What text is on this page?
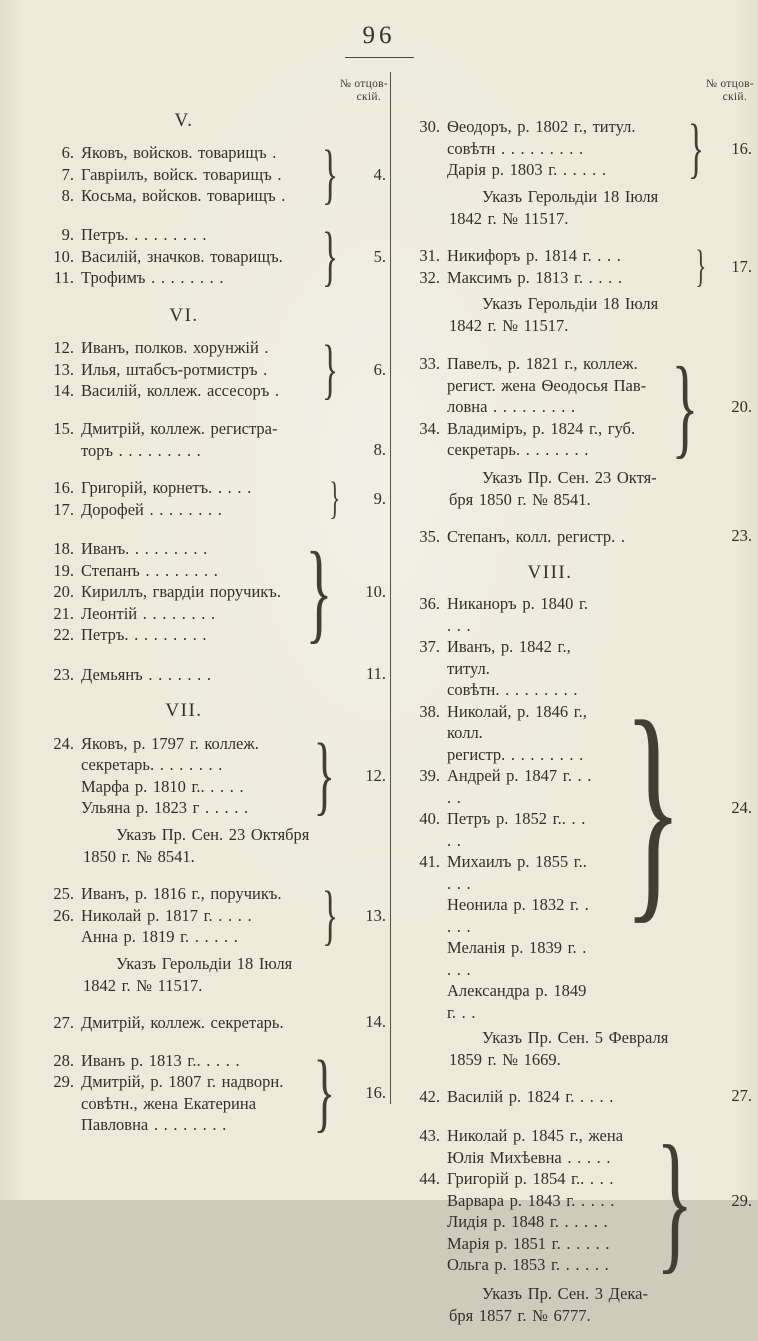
96
№ отцов-
скій.
V.
6. Яковъ, войсков. товарищъ .
7. Гавріилъ, войск. товарищъ .
8. Косьма, войсков. товарищъ . }	4.
9. Петръ. . . . . . . . .
10. Василій, значков. товарищъ.
11. Трофимъ . . . . . . . .	}	5.
VI.
12. Иванъ, полков. хорунжій .
13. Илья, штабсъ-ротмистръ .
14. Василій, коллеж. ассесоръ . }	6.
15. Дмитрій, коллеж. регистра-
торъ . . . . . . . . .	8.
16. Григорій, корнетъ. . . . .
17. Дорофей . . . . . . . .	}	9.
18. Иванъ. . . . . . . . .
19. Степанъ . . . . . . . .
20. Кириллъ, гвардіи поручикъ.
21. Леонтій . . . . . . . .
22. Петръ. . . . . . . . . }	10.
23. Демьянъ . . . . . . .	11.
VII.
24. Яковъ, р. 1797 г. коллеж.
секретарь. . . . . . . .
Марфа р. 1810 г.. . . . .
Ульяна р. 1823 г . . . . . }	12.
Указъ Пр. Сен. 23 Октября
1850 г. № 8541.
25. Иванъ, р. 1816 г., поручикъ.
26. Николай р. 1817 г. . . . .
Анна р. 1819 г. . . . . .	}	13.
Указъ Герольдіи 18 Іюля
1842 г. № 11517.
27. Дмитрій, коллеж. секретарь.	14.
28. Иванъ р. 1813 г.. . . . .
29. Дмитрій, р. 1807 г. надворн.
совѣтн., жена Екатерина
Павловна . . . . . . . . }	16.
№ отцов-
скій.
30. Ѳеодоръ, р. 1802 г., титул.
совѣтн . . . . . . . . .
Дарія р. 1803 г. . . . . .	}	16.
Указъ Герольдіи 18 Іюля
1842 г. № 11517.
31. Никифоръ р. 1814 г. . . .
32. Максимъ р. 1813 г. . . . .	}	17.
Указъ Герольдіи 18 Іюля
1842 г. № 11517.
33. Павелъ, р. 1821 г., коллеж.
регист. жена Ѳеодосья Пав-
ловна . . . . . . . . .
34. Владиміръ, р. 1824 г., губ.
секретарь. . . . . . . . }	20.
Указъ Пр. Сен. 23 Октя-
бря 1850 г. № 8541.
35. Степанъ, колл. регистр. .	23.
VIII.
36. Никаноръ р. 1840 г. . . .
37. Иванъ, р. 1842 г., титул.
совѣтн. . . . . . . . .
38. Николай, р. 1846 г., колл.
регистр. . . . . . . . .
39. Андрей р. 1847 г. . . . .
40. Петръ р. 1852 г.. . . . .
41. Михаилъ р. 1855 г.. . . .
Неонила р. 1832 г. . . . .
Меланія р. 1839 г. . . . .
Александра р. 1849 г. . .
}	24.
Указъ Пр. Сен. 5 Февраля
1859 г. № 1669.
42. Василій р. 1824 г. . . . .	27.
43. Николай р. 1845 г., жена
Юлія Михѣевна . . . . .
44. Григорій р. 1854 г.. . . .
Варвара р. 1843 г. . . . .
Лидія р. 1848 г. . . . . .
Марія р. 1851 г. . . . . .
Ольга р. 1853 г. . . . . . }	29.
Указъ Пр. Сен. 3 Дека-
бря 1857 г. № 6777.
